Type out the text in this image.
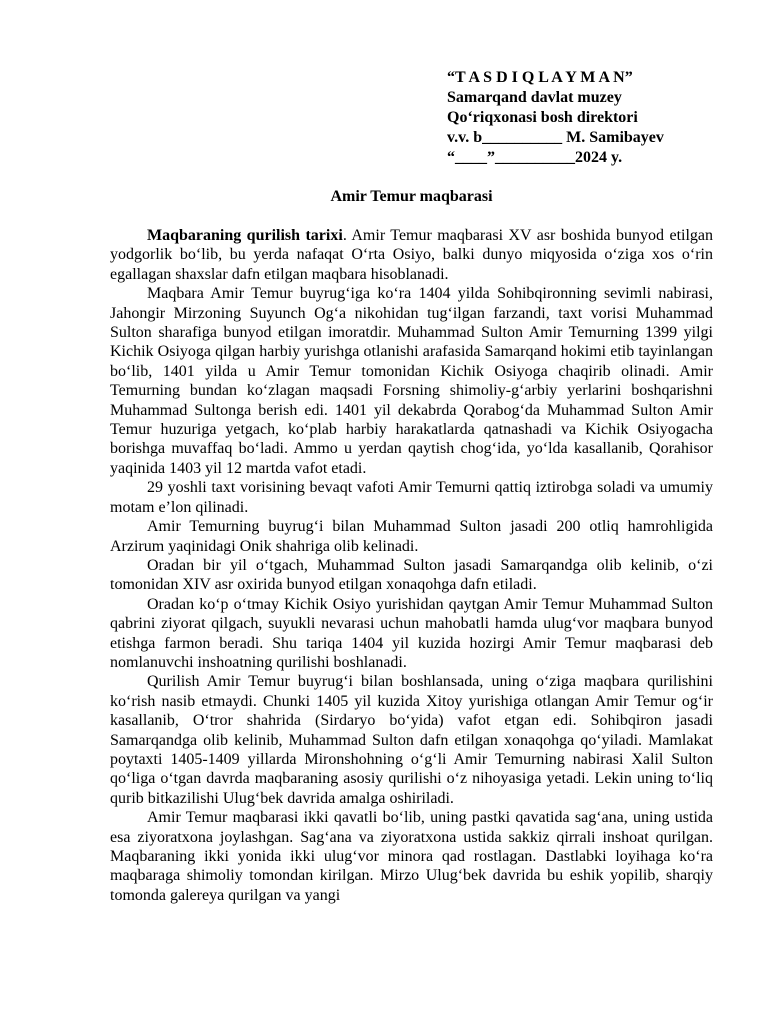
“T A S D I Q L A Y M A N”
Samarqand davlat muzey
Qo‘riqxonasi bosh direktori
v.v. b__________ M. Samibayev
“____”__________2024 y.
Amir Temur maqbarasi

Maqbaraning qurilish tarixi. Amir Temur maqbarasi XV asr boshida bunyod etilgan yodgorlik bo‘lib, bu yerda nafaqat O‘rta Osiyo, balki dunyo miqyosida o‘ziga xos o‘rin egallagan shaxslar dafn etilgan maqbara hisoblanadi.

Maqbara Amir Temur buyrug‘iga ko‘ra 1404 yilda Sohibqironning sevimli nabirasi, Jahongir Mirzoning Suyunch Og‘a nikohidan tug‘ilgan farzandi, taxt vorisi Muhammad Sulton sharafiga bunyod etilgan imoratdir. Muhammad Sulton Amir Temurning 1399 yilgi Kichik Osiyoga qilgan harbiy yurishga otlanishi arafasida Samarqand hokimi etib tayinlangan bo‘lib, 1401 yilda u Amir Temur tomonidan Kichik Osiyoga chaqirib olinadi. Amir Temurning bundan ko‘zlagan maqsadi Forsning shimoliy-g‘arbiy yerlarini boshqarishni Muhammad Sultonga berish edi. 1401 yil dekabrda Qorabog‘da Muhammad Sulton Amir Temur huzuriga yetgach, ko‘plab harbiy harakatlarda qatnashadi va Kichik Osiyogacha borishga muvaffaq bo‘ladi. Ammo u yerdan qaytish chog‘ida, yo‘lda kasallanib, Qorahisor yaqinida 1403 yil 12 martda vafot etadi.

29 yoshli taxt vorisining bevaqt vafoti Amir Temurni qattiq iztirobga soladi va umumiy motam e’lon qilinadi.

Amir Temurning buyrug‘i bilan Muhammad Sulton jasadi 200 otliq hamrohligida Arzirum yaqinidagi Onik shahriga olib kelinadi.

Oradan bir yil o‘tgach, Muhammad Sulton jasadi Samarqandga olib kelinib, o‘zi tomonidan XIV asr oxirida bunyod etilgan xonaqohga dafn etiladi.

Oradan ko‘p o‘tmay Kichik Osiyo yurishidan qaytgan Amir Temur Muhammad Sulton qabrini ziyorat qilgach, suyukli nevarasi uchun mahobatli hamda ulug‘vor maqbara bunyod etishga farmon beradi. Shu tariqa 1404 yil kuzida hozirgi Amir Temur maqbarasi deb nomlanuvchi inshoatning qurilishi boshlanadi.

Qurilish Amir Temur buyrug‘i bilan boshlansada, uning o‘ziga maqbara qurilishini ko‘rish nasib etmaydi. Chunki 1405 yil kuzida Xitoy yurishiga otlangan Amir Temur og‘ir kasallanib, O‘tror shahrida (Sirdaryo bo‘yida) vafot etgan edi. Sohibqiron jasadi Samarqandga olib kelinib, Muhammad Sulton dafn etilgan xonaqohga qo‘yiladi. Mamlakat poytaxti 1405-1409 yillarda Mironshohning o‘g‘li Amir Temurning nabirasi Xalil Sulton qo‘liga o‘tgan davrda maqbaraning asosiy qurilishi o‘z nihoyasiga yetadi. Lekin uning to‘liq qurib bitkazilishi Ulug‘bek davrida amalga oshiriladi.

Amir Temur maqbarasi ikki qavatli bo‘lib, uning pastki qavatida sag‘ana, uning ustida esa ziyoratxona joylashgan. Sag‘ana va ziyoratxona ustida sakkiz qirrali inshoat qurilgan. Maqbaraning ikki yonida ikki ulug‘vor minora qad rostlagan. Dastlabki loyihaga ko‘ra maqbaraga shimoliy tomondan kirilgan. Mirzo Ulug‘bek davrida bu eshik yopilib, sharqiy tomonda galereya qurilgan va yangi
